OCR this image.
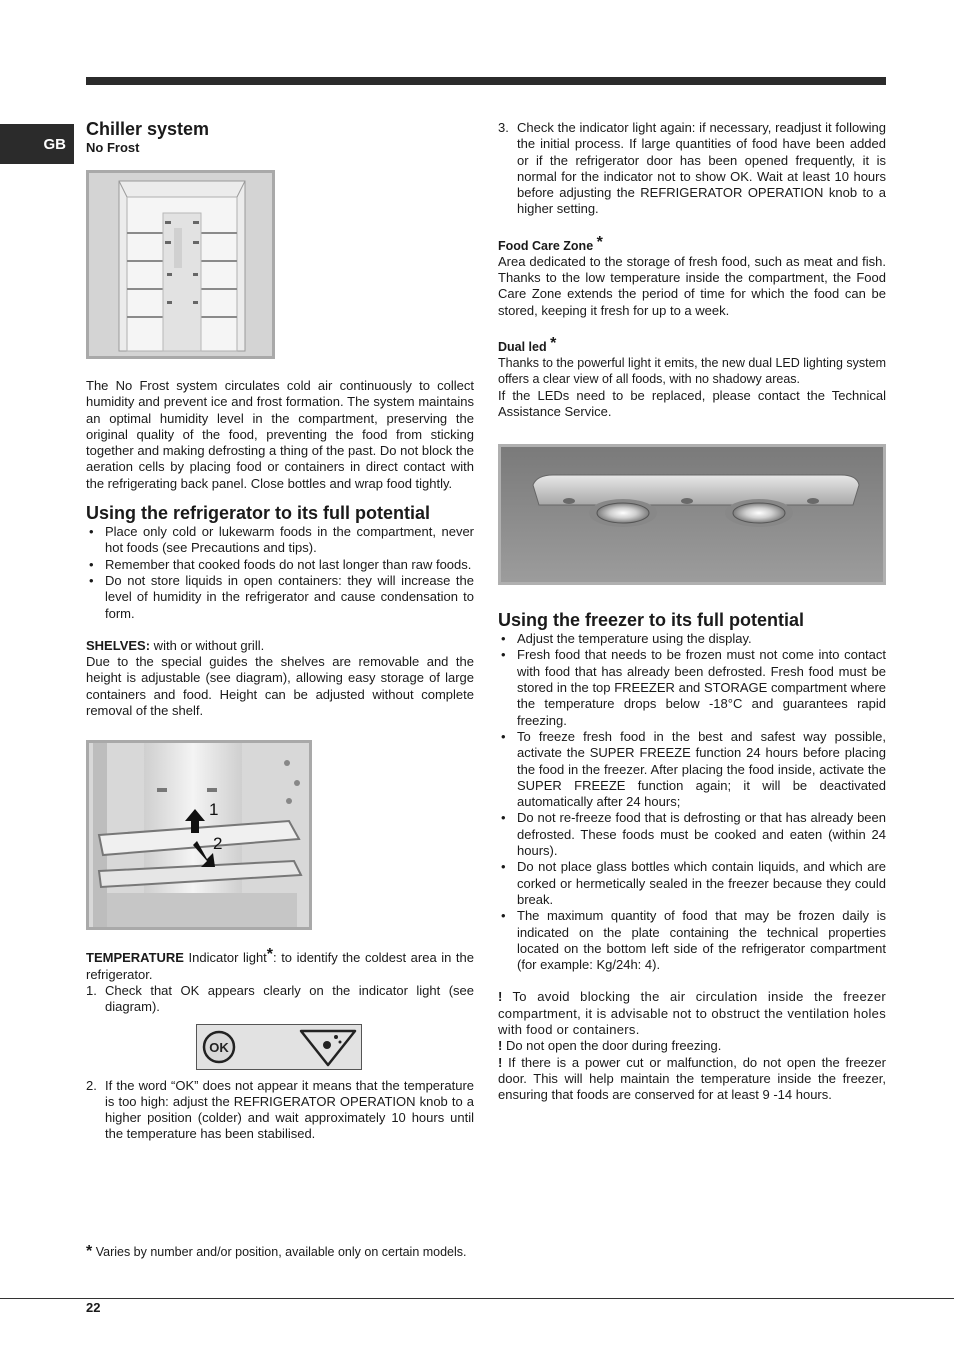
GB
Chiller system
No Frost

The No Frost system circulates cold air continuously to collect humidity and prevent ice and frost formation. The system maintains an optimal humidity level in the compartment, preserving the original quality of the food, preventing the food from sticking together and making defrosting a thing of the past. Do not block the aeration cells by placing food or containers in direct contact with the refrigerating back panel. Close bottles and wrap food tightly.

Using the refrigerator to its full potential
• Place only cold or lukewarm foods in the compartment, never hot foods (see Precautions and tips).
• Remember that cooked foods do not last longer than raw foods.
• Do not store liquids in open containers: they will increase the level of humidity in the refrigerator and cause condensation to form.

SHELVES: with or without grill.

Due to the special guides the shelves are removable and the height is adjustable (see diagram), allowing easy storage of large containers and food. Height can be adjusted without complete removal of the shelf.

1
2

TEMPERATURE Indicator light*: to identify the coldest area in the refrigerator.

1. Check that OK appears clearly on the indicator light (see diagram).
OK
2. If the word “OK” does not appear it means that the temperature is too high: adjust the REFRIGERATOR OPERATION knob to a higher position (colder) and wait approximately 10 hours until the temperature has been stabilised.
* Varies by number and/or position, available only on certain models.
3. Check the indicator light again: if necessary, readjust it following the initial process. If large quantities of food have been added or if the refrigerator door has been opened frequently, it is normal for the indicator not to show OK. Wait at least 10 hours before adjusting the REFRIGERATOR OPERATION knob to a higher setting.
Food Care Zone *

Area dedicated to the storage of fresh food, such as meat and fish. Thanks to the low temperature inside the compartment, the Food Care Zone extends the period of time for which the food can be stored, keeping it fresh for up to a week.

Dual led *

Thanks to the powerful light it emits, the new dual LED lighting system offers a clear view of all foods, with no shadowy areas.

If the LEDs need to be replaced, please contact the Technical Assistance Service.

Using the freezer to its full potential
• Adjust the temperature using the display.
• Fresh food that needs to be frozen must not come into contact with food that has already been defrosted. Fresh food must be stored in the top FREEZER and STORAGE compartment where the temperature drops below -18°C and guarantees rapid freezing.
• To freeze fresh food in the best and safest way possible, activate the SUPER FREEZE function 24 hours before placing the food in the freezer. After placing the food inside, activate the SUPER FREEZE function again; it will be deactivated automatically after 24 hours;
• Do not re-freeze food that is defrosting or that has already been defrosted. These foods must be cooked and eaten (within 24 hours).
• Do not place glass bottles which contain liquids, and which are corked or hermetically sealed in the freezer because they could break.
• The maximum quantity of food that may be frozen daily is indicated on the plate containing the technical properties located on the bottom left side of the refrigerator compartment (for example: Kg/24h: 4).

! To avoid blocking the air circulation inside the freezer compartment, it is advisable not to obstruct the ventilation holes with food or containers.

! Do not open the door during freezing.

! If there is a power cut or malfunction, do not open the freezer door. This will help maintain the temperature inside the freezer, ensuring that foods are conserved for at least 9 -14 hours.

22
